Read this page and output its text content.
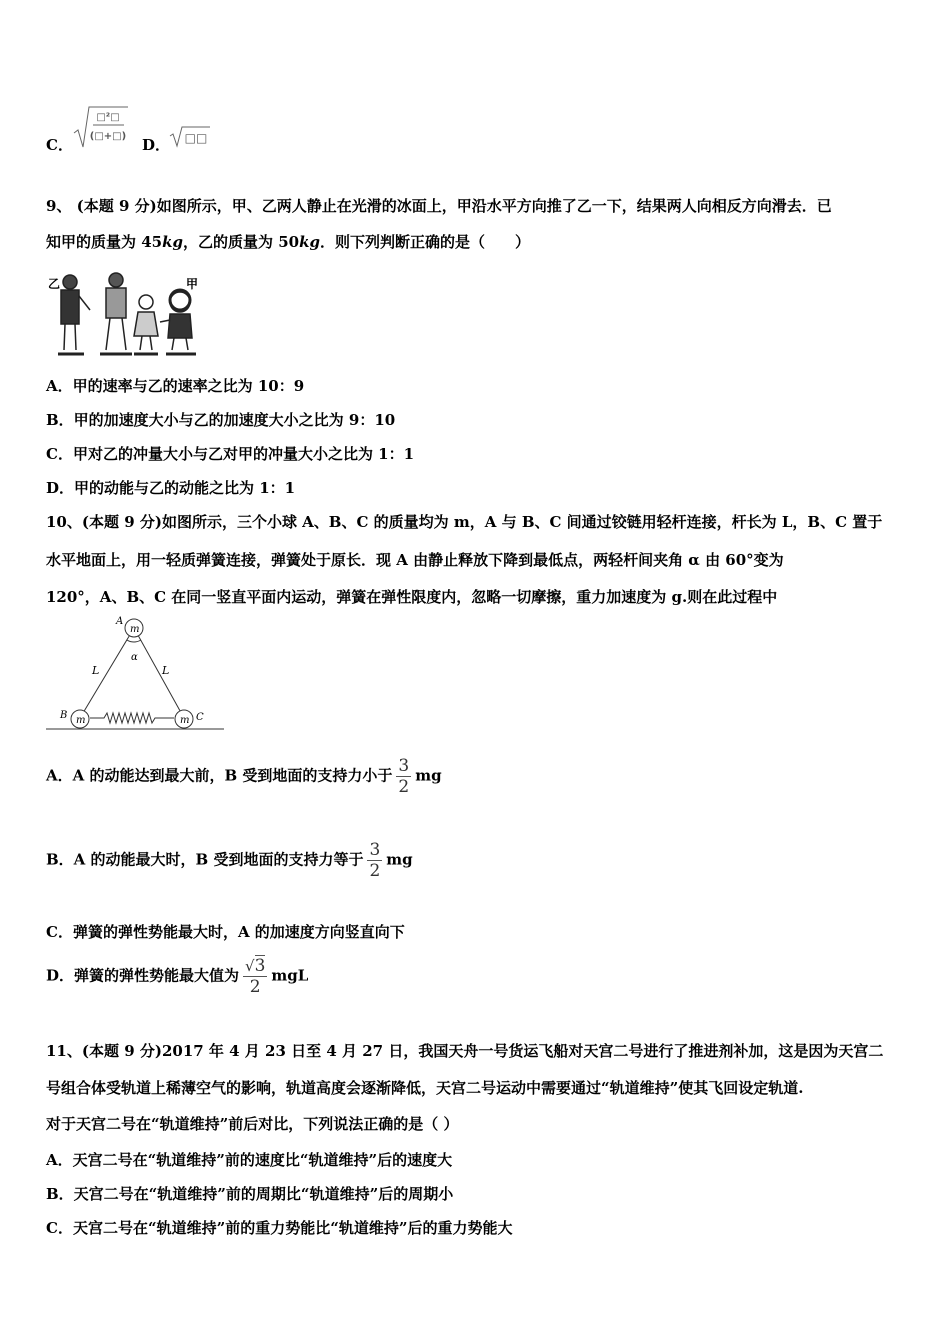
C．
□²□
(□+□) D． □□
9、 (本题 9 分)如图所示，甲、乙两人静止在光滑的冰面上，甲沿水平方向推了乙一下，结果两人向相反方向滑去．已
知甲的质量为 45kg，乙的质量为 50kg．则下列判断正确的是（　　）
乙	甲
A．甲的速率与乙的速率之比为 10：9
B．甲的加速度大小与乙的加速度大小之比为 9：10
C．甲对乙的冲量大小与乙对甲的冲量大小之比为 1：1
D．甲的动能与乙的动能之比为 1：1
10、(本题 9 分)如图所示，三个小球 A、B、C 的质量均为 m，A 与 B、C 间通过铰链用轻杆连接，杆长为 L，B、C 置于
水平地面上，用一轻质弹簧连接，弹簧处于原长．现 A 由静止释放下降到最低点，两轻杆间夹角 α 由 60°变为
120°，A、B、C 在同一竖直平面内运动，弹簧在弹性限度内，忽略一切摩擦，重力加速度为 g.则在此过程中
α
m
m	m
A
B	C
L	L
A．A 的动能达到最大前，B 受到地面的支持力小于 $\frac{3}{2}$ mg
B．A 的动能最大时，B 受到地面的支持力等于 $\frac{3}{2}$ mg
C．弹簧的弹性势能最大时，A 的加速度方向竖直向下
D．弹簧的弹性势能最大值为 $\frac{√3}{2}$ mgL
11、(本题 9 分)2017 年 4 月 23 日至 4 月 27 日，我国天舟一号货运飞船对天宫二号进行了推进剂补加，这是因为天宫二
号组合体受轨道上稀薄空气的影响，轨道高度会逐渐降低，天宫二号运动中需要通过“轨道维持”使其飞回设定轨道.
对于天宫二号在“轨道维持”前后对比，下列说法正确的是（ ）
A．天宫二号在“轨道维持”前的速度比“轨道维持”后的速度大
B．天宫二号在“轨道维持”前的周期比“轨道维持”后的周期小
C．天宫二号在“轨道维持”前的重力势能比“轨道维持”后的重力势能大
